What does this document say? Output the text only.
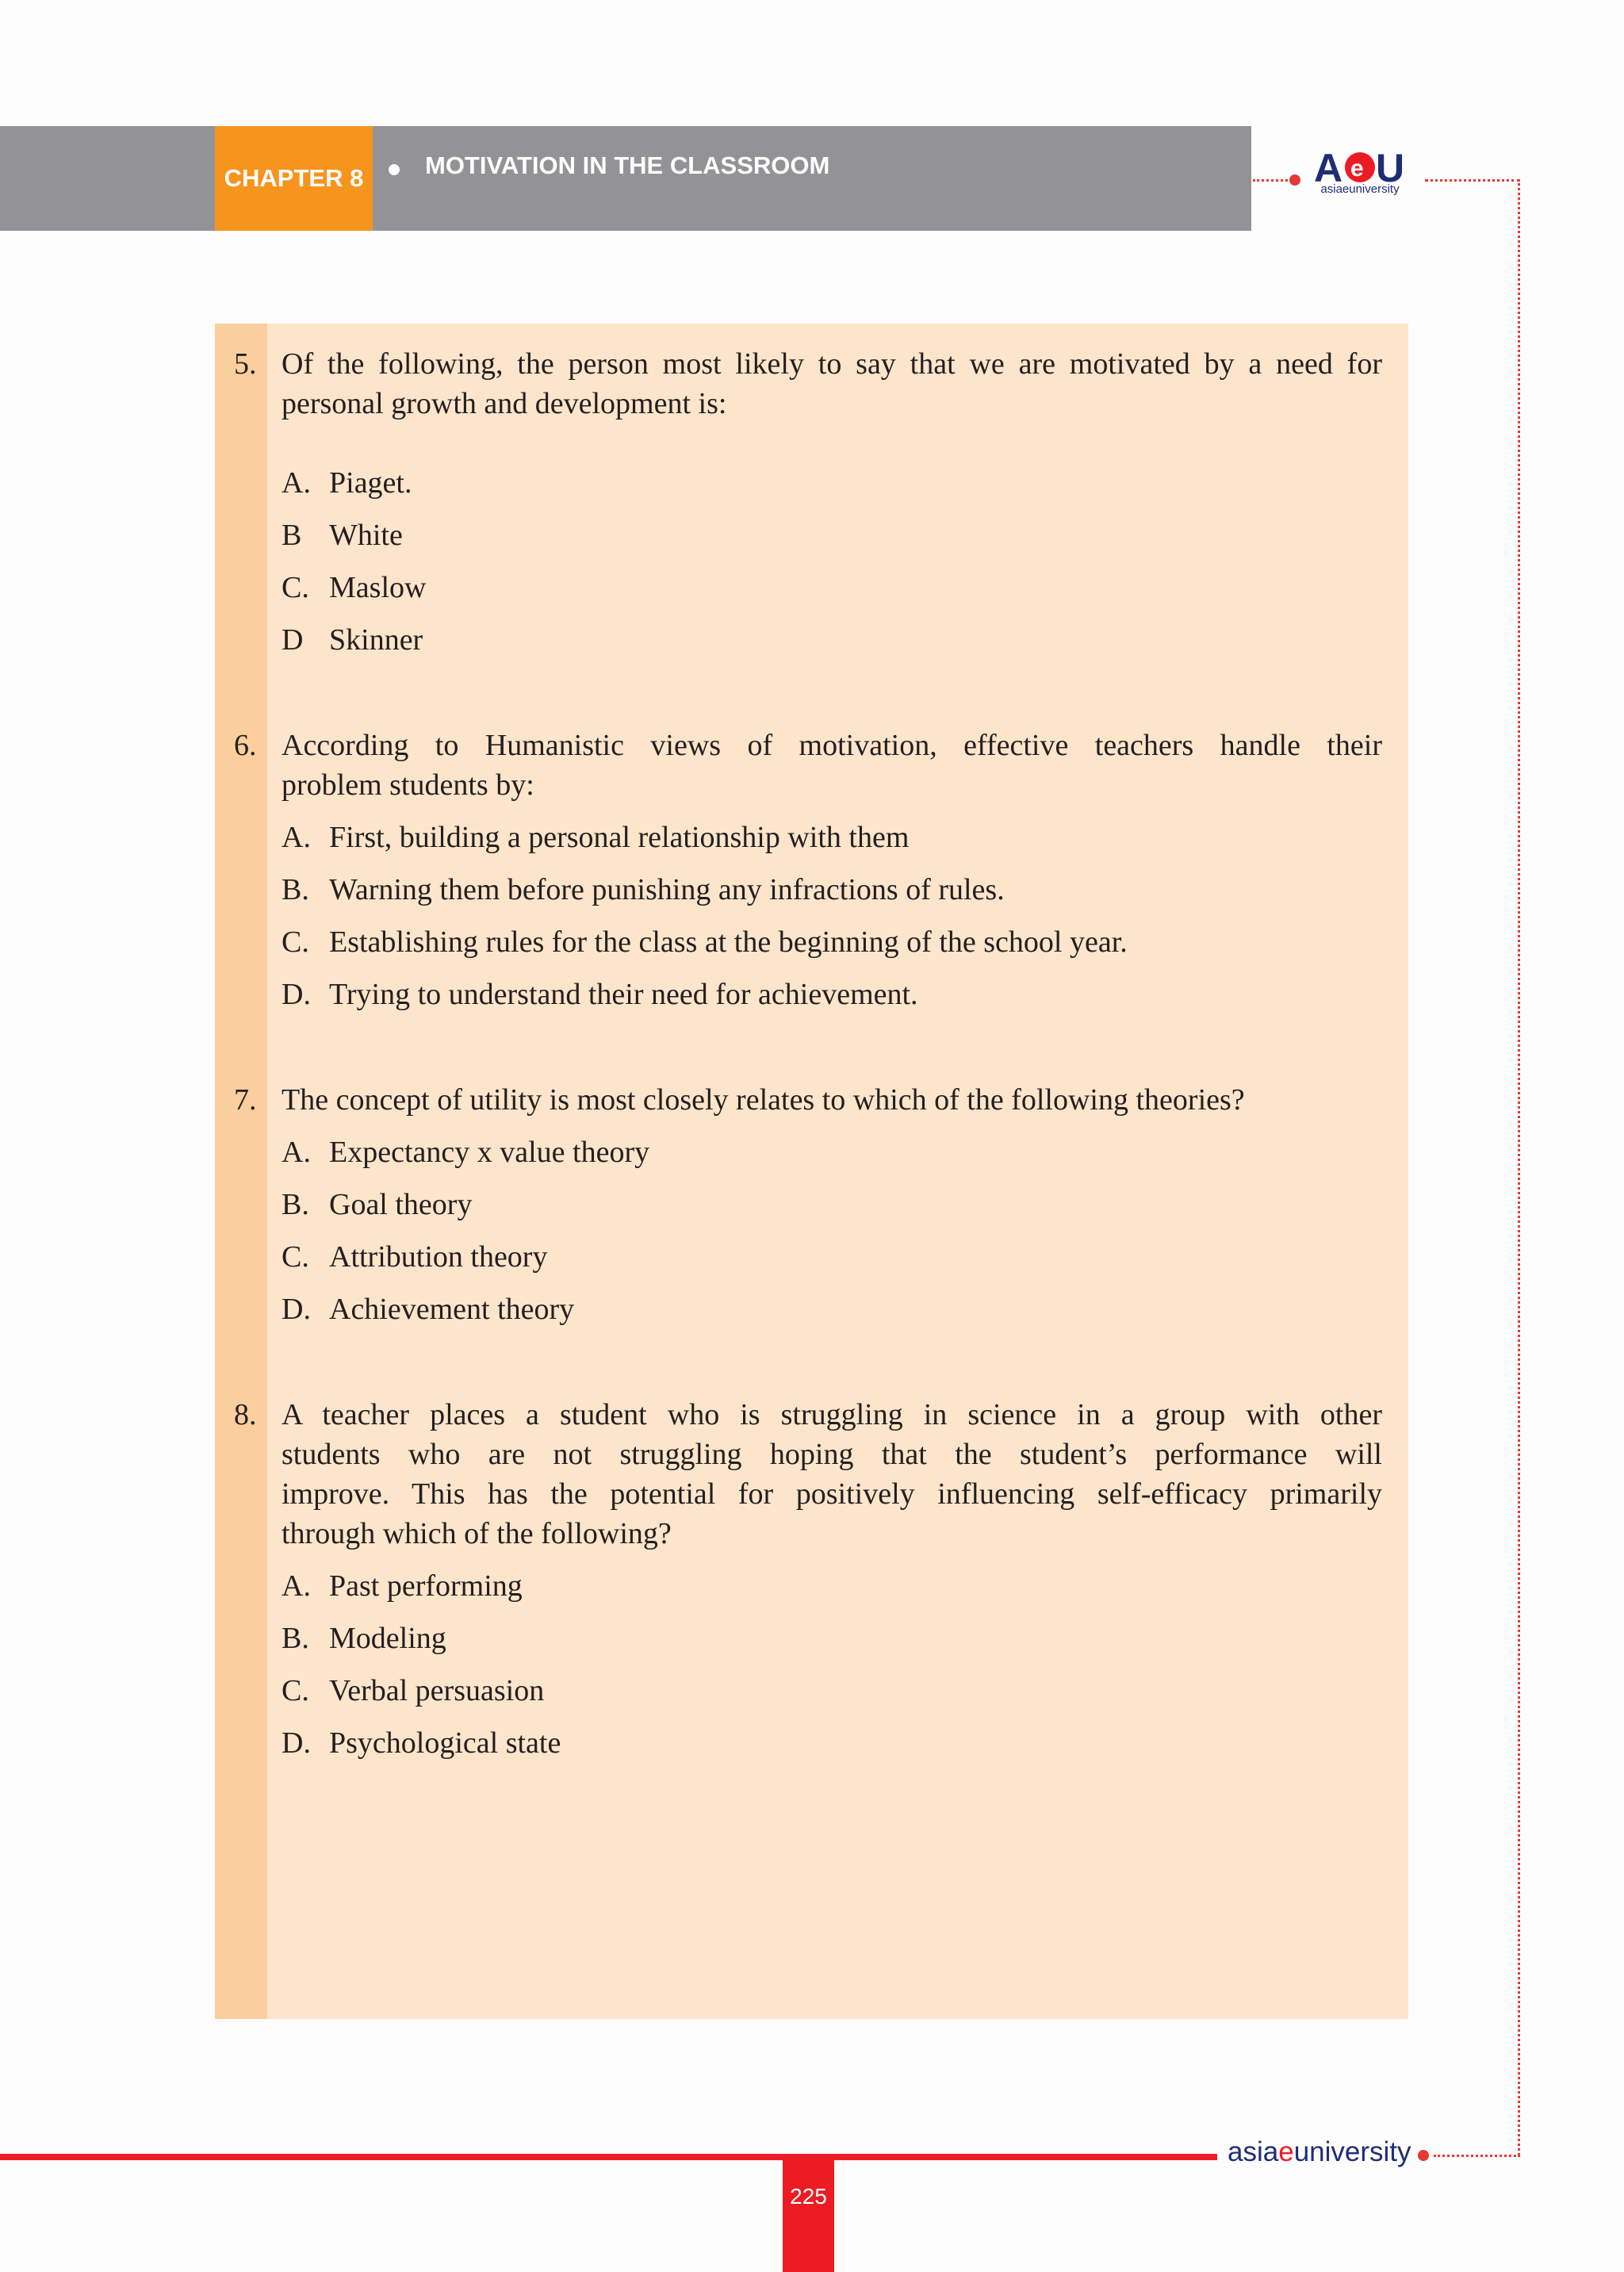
CHAPTER 8	MOTIVATION IN THE CLASSROOM	A e U
asiaeuniversity
5. Of the following, the person most likely to say that we are motivated by a need for
personal growth and development is:
A. Piaget.
B White
C. Maslow
D Skinner
6. According to Humanistic views of motivation, effective teachers handle their
problem students by:
A. First, building a personal relationship with them
B. Warning them before punishing any infractions of rules.
C. Establishing rules for the class at the beginning of the school year.
D. Trying to understand their need for achievement.
7. The concept of utility is most closely relates to which of the following theories?
A. Expectancy x value theory
B. Goal theory
C. Attribution theory
D. Achievement theory
8. A teacher places a student who is struggling in science in a group with other
students who are not struggling hoping that the student’s performance will
improve. This has the potential for positively influencing self-efficacy primarily
through which of the following?
A. Past performing
B. Modeling
C. Verbal persuasion
D. Psychological state
asiaeuniversity
225
